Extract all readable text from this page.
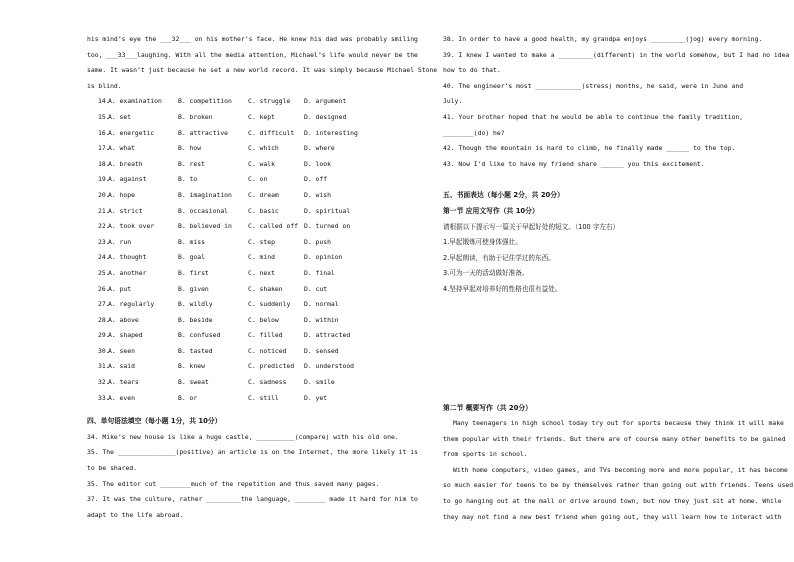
his mind’s eye the ___32___ on his mother’s face. He knew his dad was probably smiling
too, ___33___laughing. With all the media attention, Michael’s life would never be the
same. It wasn’t just because he set a new world record. It was simply because Michael Stone
is blind.
14.
A. examination	B. competition	C. struggle	D. argument
15.
A. set	B. broken	C. kept	D. designed
16.
A. energetic	B. attractive	C. difficult	D. interesting
17.
A. what	B. how	C. which	D. where
18.
A. breath	B. rest	C. walk	D. look
19.
A. against	B. to	C. on	D. off
20.
A. hope	B. imagination	C. dream	D. wish
21.
A. strict	B. occasional	C. basic	D. spiritual
22.
A. took over	B. believed in	C. called off D. turned on
23.
A. run	B. miss	C. step	D. push
24.
A. thought	B. goal	C. mind	D. opinion
25.
A. another	B. first	C. next	D. final
26.
A. put	B. given	C. shaken	D. cut
27.
A. regularly	B. wildly	C. suddenly	D. normal
28.
A. above	B. beside	C. below	D. within
29.
A. shaped	B. confused	C. filled	D. attracted
30.
A. seen	B. tasted	C. noticed	D. sensed
31.
A. said	B. knew	C. predicted	D. understood
32.
A. tears	B. sweat	C. sadness	D. smile
33.
A. even	B. or	C. still	D. yet
四、单句语法填空（每小题 1分，共 10分）
34. Mike’s new house is like a huge castle, __________(compare) with his old one.
35. The _______________(positive) an article is on the Internet, the more likely it is
to be shared.
35. The editor cut ________much of the repetition and thus saved many pages.
37. It was the culture, rather _________the language, ________ made it hard for him to
adapt to the life abroad.
38. In order to have a good health, my grandpa enjoys _________(jog) every morning.
39. I knew I wanted to make a _________(different) in the world somehow, but I had no idea
how to do that.
40. The engineer’s most ____________(stress) months, he said, were in June and
July.
41. Your brother hoped that he would be able to continue the family tradition,
________(do) he?
42. Though the mountain is hard to climb, he finally made ______ to the top.
43. Now I’d like to have my friend share ______ you this excitement.
五、书面表达（每小题 2分，共 20分）
第一节 应用文写作（共 10分）
请根据以下提示写一篇关于早起好处的短文。（100 字左右）
1.早起锻炼可使身体强壮。
2.早起朗读，有助于记住学过的东西。
3.可为一天的活动做好准备。
4.坚持早起对培养好的性格也很有益处。
第二节 概要写作（共 20分）
Many teenagers in high school today try out for sports because they think it will make
them popular with their friends. But there are of course many other benefits to be gained
from sports in school.
With home computers, video games, and TVs becoming more and more popular, it has become
so much easier for teens to be by themselves rather than going out with friends. Teens used
to go hanging out at the mall or drive around town, but now they just sit at home. While
they may not find a new best friend when going out, they will learn how to interact with
